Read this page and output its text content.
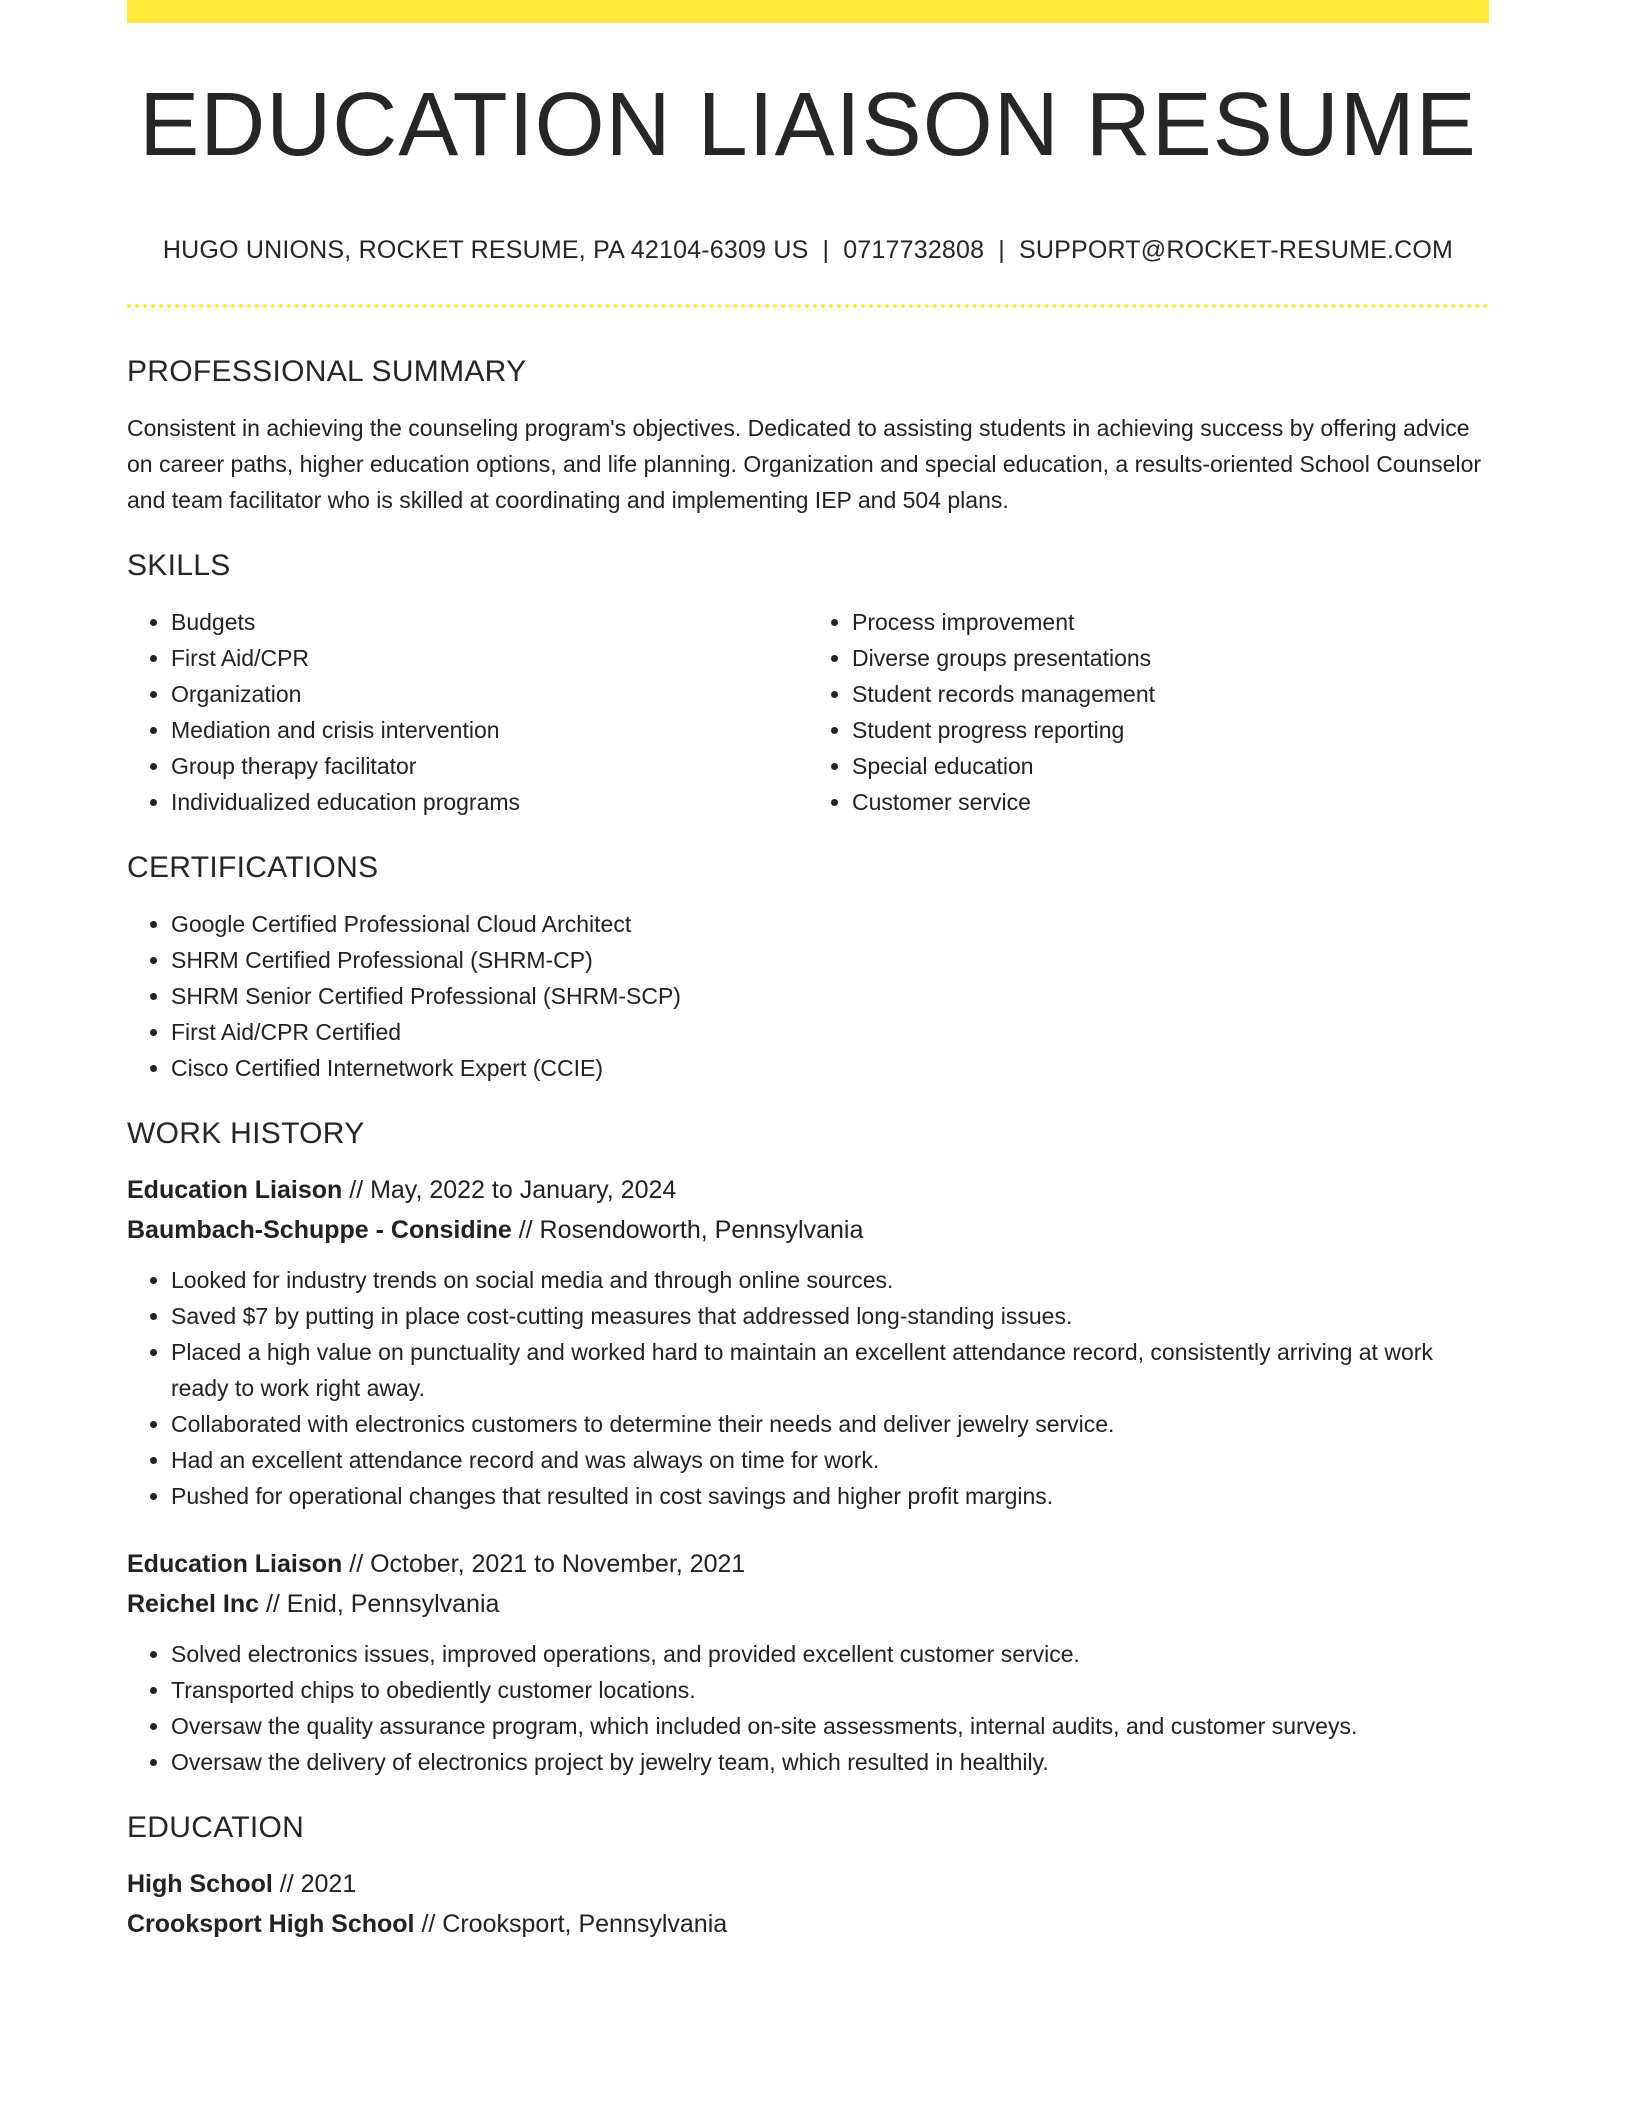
EDUCATION LIAISON RESUME
HUGO UNIONS, ROCKET RESUME, PA 42104-6309 US | 0717732808 | SUPPORT@ROCKET-RESUME.COM
PROFESSIONAL SUMMARY

Consistent in achieving the counseling program's objectives. Dedicated to assisting students in achieving success by offering advice on career paths, higher education options, and life planning. Organization and special education, a results-oriented School Counselor and team facilitator who is skilled at coordinating and implementing IEP and 504 plans.

SKILLS
• Budgets
• First Aid/CPR
• Organization
• Mediation and crisis intervention
• Group therapy facilitator
• Individualized education programs
• Process improvement
• Diverse groups presentations
• Student records management
• Student progress reporting
• Special education
• Customer service
CERTIFICATIONS
• Google Certified Professional Cloud Architect
• SHRM Certified Professional (SHRM-CP)
• SHRM Senior Certified Professional (SHRM-SCP)
• First Aid/CPR Certified
• Cisco Certified Internetwork Expert (CCIE)
WORK HISTORY
Education Liaison // May, 2022 to January, 2024
Baumbach-Schuppe - Considine // Rosendoworth, Pennsylvania
• Looked for industry trends on social media and through online sources.
• Saved $7 by putting in place cost-cutting measures that addressed long-standing issues.
• Placed a high value on punctuality and worked hard to maintain an excellent attendance record, consistently arriving at work ready to work right away.
• Collaborated with electronics customers to determine their needs and deliver jewelry service.
• Had an excellent attendance record and was always on time for work.
• Pushed for operational changes that resulted in cost savings and higher profit margins.
Education Liaison // October, 2021 to November, 2021
Reichel Inc // Enid, Pennsylvania
• Solved electronics issues, improved operations, and provided excellent customer service.
• Transported chips to obediently customer locations.
• Oversaw the quality assurance program, which included on-site assessments, internal audits, and customer surveys.
• Oversaw the delivery of electronics project by jewelry team, which resulted in healthily.
EDUCATION
High School // 2021
Crooksport High School // Crooksport, Pennsylvania
